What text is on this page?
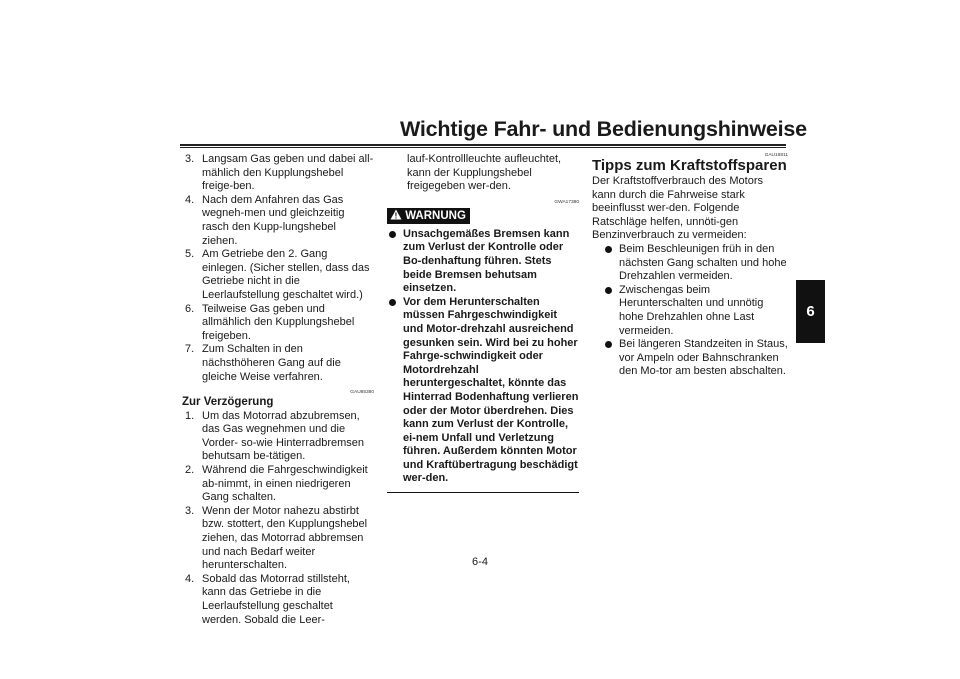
Wichtige Fahr- und Bedienungshinweise
6
3. Langsam Gas geben und dabei all-mählich den Kupplungshebel freige-ben.
4. Nach dem Anfahren das Gas wegneh-men und gleichzeitig rasch den Kupp-lungshebel ziehen.
5. Am Getriebe den 2. Gang einlegen. (Sicher stellen, dass das Getriebe nicht in die Leerlaufstellung geschaltet wird.)
6. Teilweise Gas geben und allmählich den Kupplungshebel freigeben.
7. Zum Schalten in den nächsthöheren Gang auf die gleiche Weise verfahren.
GAU85380
Zur Verzögerung
1. Um das Motorrad abzubremsen, das Gas wegnehmen und die Vorder- so-wie Hinterradbremsen behutsam be-tätigen.
2. Während die Fahrgeschwindigkeit ab-nimmt, in einen niedrigeren Gang schalten.
3. Wenn der Motor nahezu abstirbt bzw. stottert, den Kupplungshebel ziehen, das Motorrad abbremsen und nach Bedarf weiter herunterschalten.
4. Sobald das Motorrad stillsteht, kann das Getriebe in die Leerlaufstellung geschaltet werden. Sobald die Leer-
lauf-Kontrollleuchte aufleuchtet, kann der Kupplungshebel freigegeben wer-den.
GWA17380
! WARNUNG
Unsachgemäßes Bremsen kann zum Verlust der Kontrolle oder Bo-denhaftung führen. Stets beide Bremsen behutsam einsetzen.
Vor dem Herunterschalten müssen Fahrgeschwindigkeit und Motor-drehzahl ausreichend gesunken sein. Wird bei zu hoher Fahrge-schwindigkeit oder Motordrehzahl heruntergeschaltet, könnte das Hinterrad Bodenhaftung verlieren oder der Motor überdrehen. Dies kann zum Verlust der Kontrolle, ei-nem Unfall und Verletzung führen. Außerdem könnten Motor und Kraftübertragung beschädigt wer-den.
GAU16811
Tipps zum Kraftstoffsparen
Der Kraftstoffverbrauch des Motors kann durch die Fahrweise stark beeinflusst wer-den. Folgende Ratschläge helfen, unnöti-gen Benzinverbrauch zu vermeiden:
Beim Beschleunigen früh in den nächsten Gang schalten und hohe Drehzahlen vermeiden.
Zwischengas beim Herunterschalten und unnötig hohe Drehzahlen ohne Last vermeiden.
Bei längeren Standzeiten in Staus, vor Ampeln oder Bahnschranken den Mo-tor am besten abschalten.
6-4
